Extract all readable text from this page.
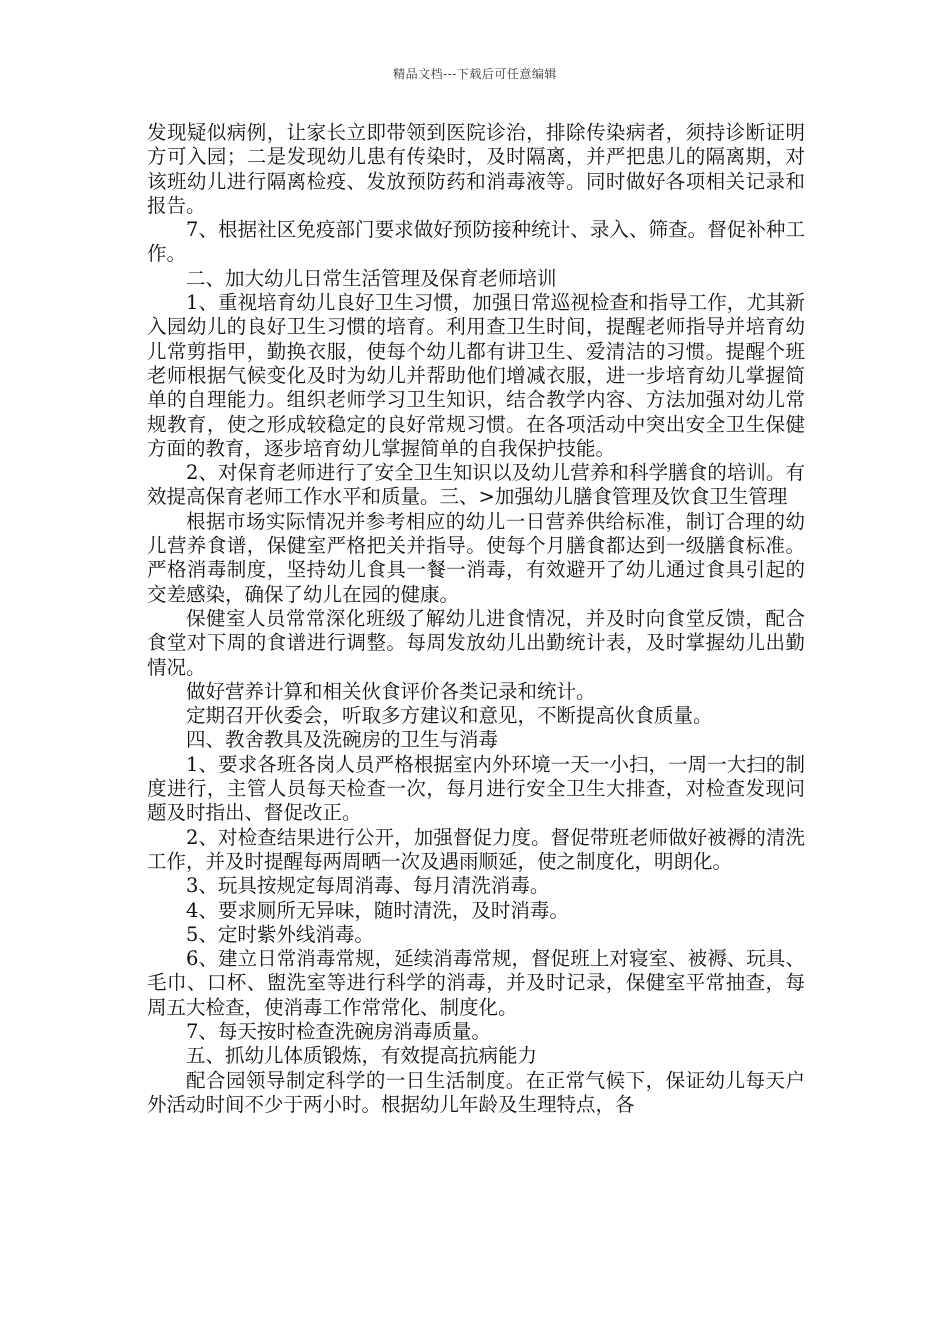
精品文档---下载后可任意编辑

发现疑似病例，让家长立即带领到医院诊治，排除传染病者，须持诊断证明方可入园；二是发现幼儿患有传染时，及时隔离，并严把患儿的隔离期，对该班幼儿进行隔离检疫、发放预防药和消毒液等。同时做好各项相关记录和报告。

7、根据社区免疫部门要求做好预防接种统计、录入、筛查。督促补种工作。

二、加大幼儿日常生活管理及保育老师培训

1、重视培育幼儿良好卫生习惯，加强日常巡视检查和指导工作，尤其新入园幼儿的良好卫生习惯的培育。利用查卫生时间，提醒老师指导并培育幼儿常剪指甲，勤换衣服，使每个幼儿都有讲卫生、爱清洁的习惯。提醒个班老师根据气候变化及时为幼儿并帮助他们增减衣服，进一步培育幼儿掌握简单的自理能力。组织老师学习卫生知识，结合教学内容、方法加强对幼儿常规教育，使之形成较稳定的良好常规习惯。在各项活动中突出安全卫生保健方面的教育，逐步培育幼儿掌握简单的自我保护技能。

2、对保育老师进行了安全卫生知识以及幼儿营养和科学膳食的培训。有效提高保育老师工作水平和质量。三、>加强幼儿膳食管理及饮食卫生管理

根据市场实际情况并参考相应的幼儿一日营养供给标准，制订合理的幼儿营养食谱，保健室严格把关并指导。使每个月膳食都达到一级膳食标准。严格消毒制度，坚持幼儿食具一餐一消毒，有效避开了幼儿通过食具引起的交差感染，确保了幼儿在园的健康。

保健室人员常常深化班级了解幼儿进食情况，并及时向食堂反馈，配合食堂对下周的食谱进行调整。每周发放幼儿出勤统计表，及时掌握幼儿出勤情况。

做好营养计算和相关伙食评价各类记录和统计。

定期召开伙委会，听取多方建议和意见，不断提高伙食质量。

四、教舍教具及洗碗房的卫生与消毒

1、要求各班各岗人员严格根据室内外环境一天一小扫，一周一大扫的制度进行，主管人员每天检查一次，每月进行安全卫生大排查，对检查发现问题及时指出、督促改正。

2、对检查结果进行公开，加强督促力度。督促带班老师做好被褥的清洗工作，并及时提醒每两周晒一次及遇雨顺延，使之制度化，明朗化。

3、玩具按规定每周消毒、每月清洗消毒。

4、要求厕所无异味，随时清洗，及时消毒。

5、定时紫外线消毒。

6、建立日常消毒常规，延续消毒常规，督促班上对寝室、被褥、玩具、毛巾、口杯、盥洗室等进行科学的消毒，并及时记录，保健室平常抽查，每周五大检查，使消毒工作常常化、制度化。

7、每天按时检查洗碗房消毒质量。

五、抓幼儿体质锻炼，有效提高抗病能力

配合园领导制定科学的一日生活制度。在正常气候下，保证幼儿每天户外活动时间不少于两小时。根据幼儿年龄及生理特点，各
